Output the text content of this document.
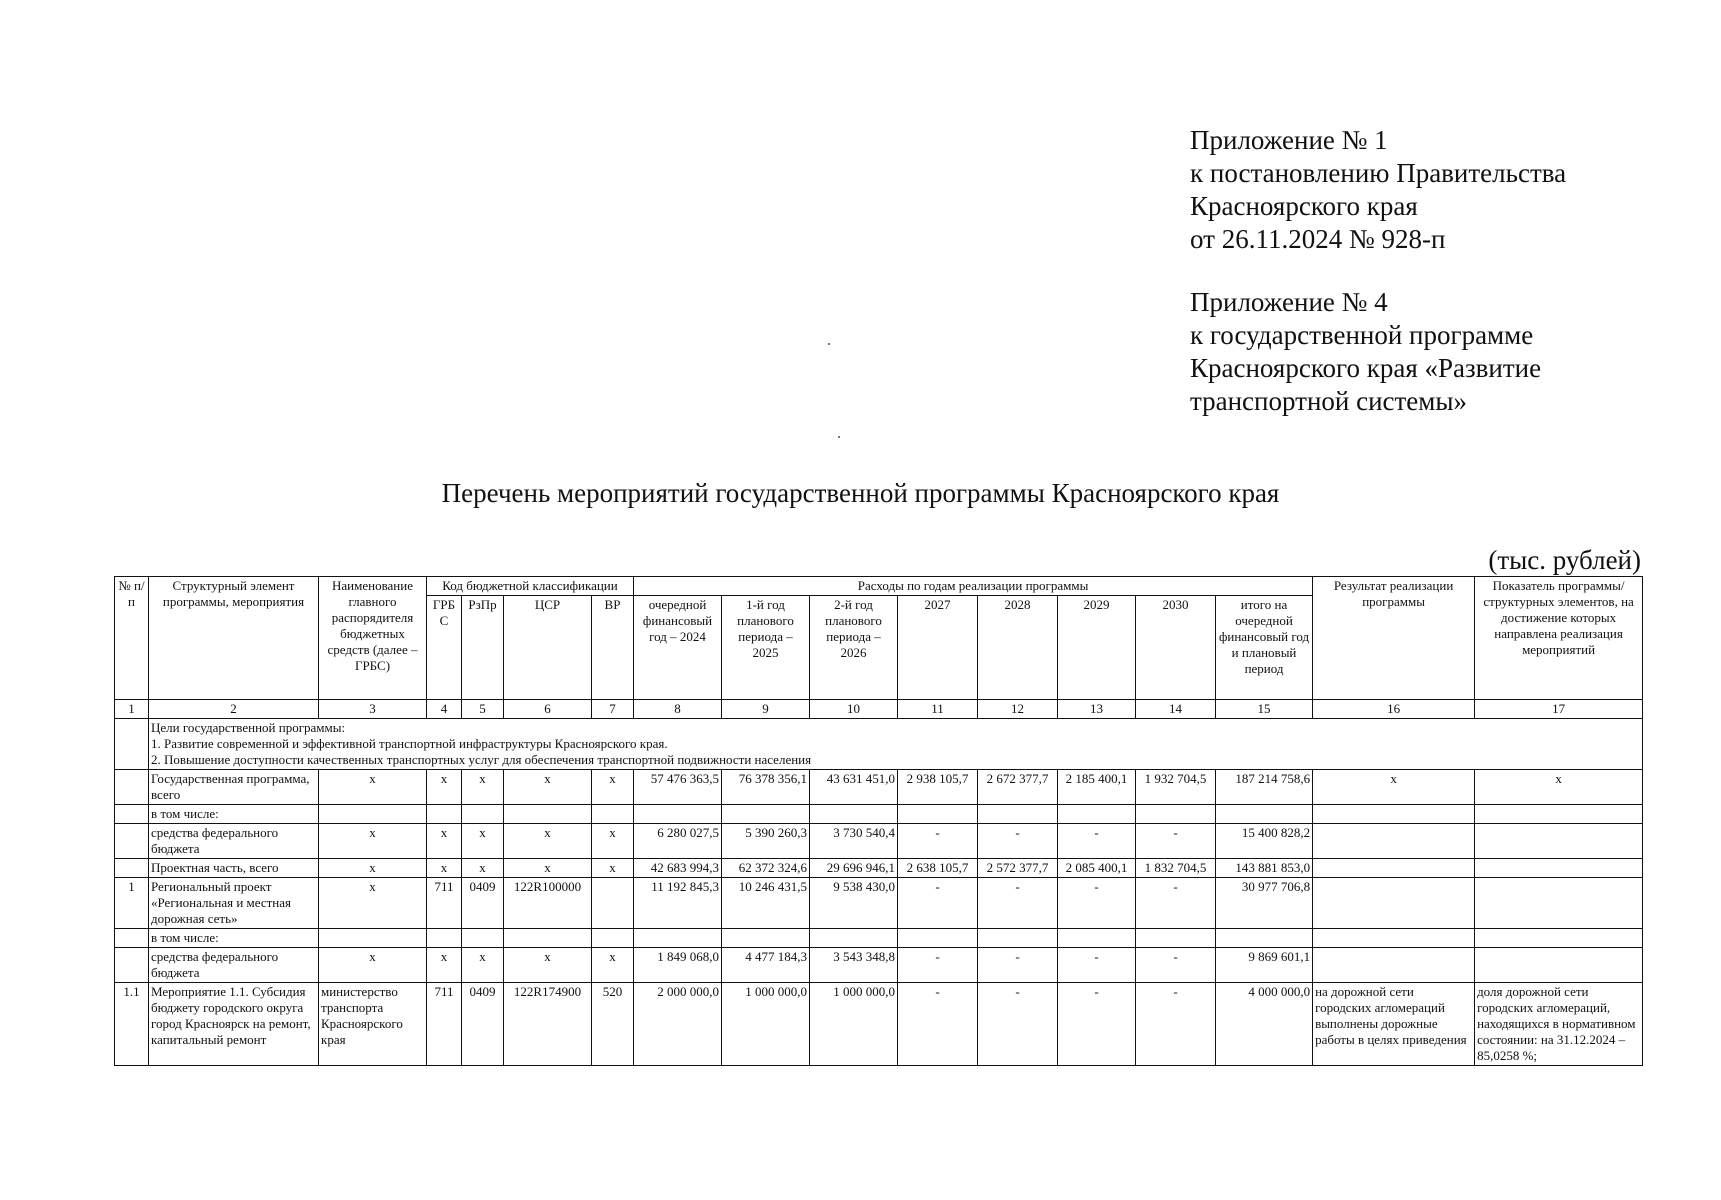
Приложение № 1
к постановлению Правительства
Красноярского края
от 26.11.2024 № 928-п
Приложение № 4
к государственной программе
Красноярского края «Развитие
транспортной системы»
Перечень мероприятий государственной программы Красноярского края
(тыс. рублей)
№ п/п	Структурный элемент программы, мероприятия	Наименование главного распорядителя бюджетных средств (далее – ГРБС)	Код бюджетной классификации				Расходы по годам реализации программы								Результат реализации программы	Показатель программы/структурных элементов, на достижение которых направлена реализация мероприятий
			ГРБС	РзПр	ЦСР	ВР	очередной финансовый год – 2024	1-й год планового периода – 2025	2-й год планового периода – 2026	2027	2028	2029	2030	итого на очередной финансовый год и плановый период		
1	2	3	4	5	6	7	8	9	10	11	12	13	14	15	16	17

	Цели государственной программы:
1. Развитие современной и эффективной транспортной инфраструктуры Красноярского края.
2. Повышение доступности качественных транспортных услуг для обеспечения транспортной подвижности населения															

	Государственная программа, всего	x	x	x	x	x	57 476 363,5	76 378 356,1	43 631 451,0	2 938 105,7	2 672 377,7	2 185 400,1	1 932 704,5	187 214 758,6	x	x
	в том числе:															
	средства федерального бюджета	x	x	x	x	x	6 280 027,5	5 390 260,3	3 730 540,4	-	-	-	-	15 400 828,2		
	Проектная часть, всего	x	x	x	x	x	42 683 994,3	62 372 324,6	29 696 946,1	2 638 105,7	2 572 377,7	2 085 400,1	1 832 704,5	143 881 853,0		
1	Региональный проект «Региональная и местная дорожная сеть»	x	711	0409	122R100000		11 192 845,3	10 246 431,5	9 538 430,0	-	-	-	-	30 977 706,8		
	в том числе:															
	средства федерального бюджета	x	x	x	x	x	1 849 068,0	4 477 184,3	3 543 348,8	-	-	-	-	9 869 601,1		
1.1	Мероприятие 1.1. Субсидия бюджету городского округа город Красноярск на ремонт, капитальный ремонт	министерство транспорта Красноярского края	711	0409	122R174900	520	2 000 000,0	1 000 000,0	1 000 000,0	-	-	-	-	4 000 000,0	на дорожной сети городских агломераций выполнены дорожные работы в целях приведения	доля дорожной сети городских агломераций, находящихся в нормативном состоянии: на 31.12.2024 – 85,0258 %;
